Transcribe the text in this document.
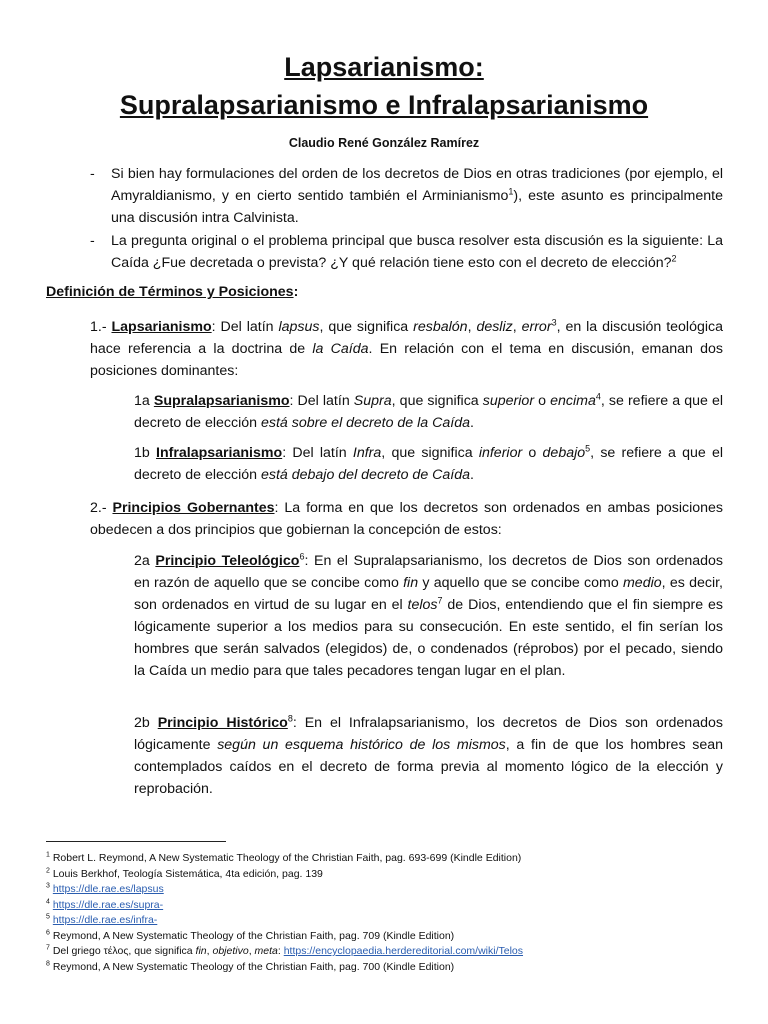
Lapsarianismo:
Supralapsarianismo e Infralapsarianismo
Claudio René González Ramírez
- Si bien hay formulaciones del orden de los decretos de Dios en otras tradiciones (por ejemplo, el Amyraldianismo, y en cierto sentido también el Arminianismo$^1$), este asunto es principalmente una discusión intra Calvinista.
- La pregunta original o el problema principal que busca resolver esta discusión es la siguiente: La Caída ¿Fue decretada o prevista? ¿Y qué relación tiene esto con el decreto de elección?$^2$
Definición de Términos y Posiciones:
1.- Lapsarianismo: Del latín lapsus, que significa resbalón, desliz, error$^3$, en la discusión teológica hace referencia a la doctrina de la Caída. En relación con el tema en discusión, emanan dos posiciones dominantes:
1a Supralapsarianismo: Del latín Supra, que significa superior o encima$^4$, se refiere a que el decreto de elección está sobre el decreto de la Caída.
1b Infralapsarianismo: Del latín Infra, que significa inferior o debajo$^5$, se refiere a que el decreto de elección está debajo del decreto de Caída.
2.- Principios Gobernantes: La forma en que los decretos son ordenados en ambas posiciones obedecen a dos principios que gobiernan la concepción de estos:
2a Principio Teleológico$^6$: En el Supralapsarianismo, los decretos de Dios son ordenados en razón de aquello que se concibe como fin y aquello que se concibe como medio, es decir, son ordenados en virtud de su lugar en el telos$^7$ de Dios, entendiendo que el fin siempre es lógicamente superior a los medios para su consecución. En este sentido, el fin serían los hombres que serán salvados (elegidos) de, o condenados (réprobos) por el pecado, siendo la Caída un medio para que tales pecadores tengan lugar en el plan.
2b Principio Histórico$^8$: En el Infralapsarianismo, los decretos de Dios son ordenados lógicamente según un esquema histórico de los mismos, a fin de que los hombres sean contemplados caídos en el decreto de forma previa al momento lógico de la elección y reprobación.
$^1$ Robert L. Reymond, A New Systematic Theology of the Christian Faith, pag. 693-699 (Kindle Edition)
$^2$ Louis Berkhof, Teología Sistemática, 4ta edición, pag. 139
$^3$ https://dle.rae.es/lapsus
$^4$ https://dle.rae.es/supra-
$^5$ https://dle.rae.es/infra-
$^6$ Reymond, A New Systematic Theology of the Christian Faith, pag. 709 (Kindle Edition)
$^7$ Del griego τέλος, que significa fin, objetivo, meta: https://encyclopaedia.herdereditorial.com/wiki/Telos
$^8$ Reymond, A New Systematic Theology of the Christian Faith, pag. 700 (Kindle Edition)
